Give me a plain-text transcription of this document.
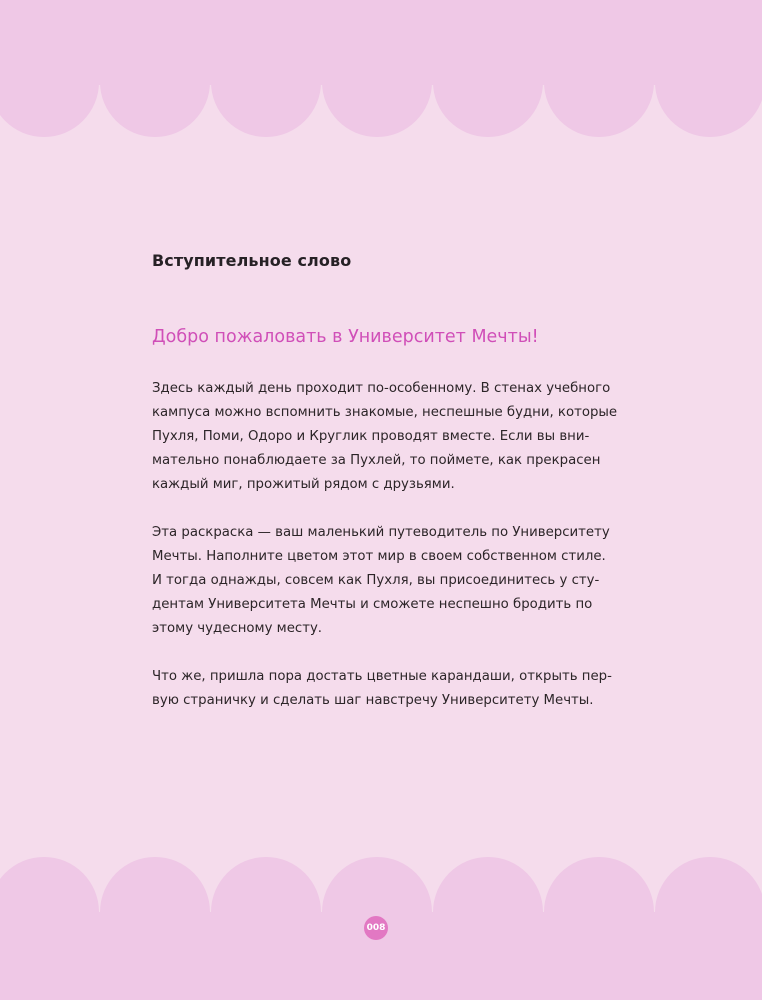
Вступительное слово
Добро пожаловать в Университет Мечты!

Здесь каждый день проходит по-особенному. В стенах учебного
кампуса можно вспомнить знакомые, неспешные будни, которые
Пухля, Поми, Одоро и Круглик проводят вместе. Если вы вни-
мательно понаблюдаете за Пухлей, то поймете, как прекрасен
каждый миг, прожитый рядом с друзьями.

Эта раскраска — ваш маленький путеводитель по Университету
Мечты. Наполните цветом этот мир в своем собственном стиле.
И тогда однажды, совсем как Пухля, вы присоединитесь у сту-
дентам Университета Мечты и сможете неспешно бродить по
этому чудесному месту.

Что же, пришла пора достать цветные карандаши, открыть пер-
вую страничку и сделать шаг навстречу Университету Мечты.

008
